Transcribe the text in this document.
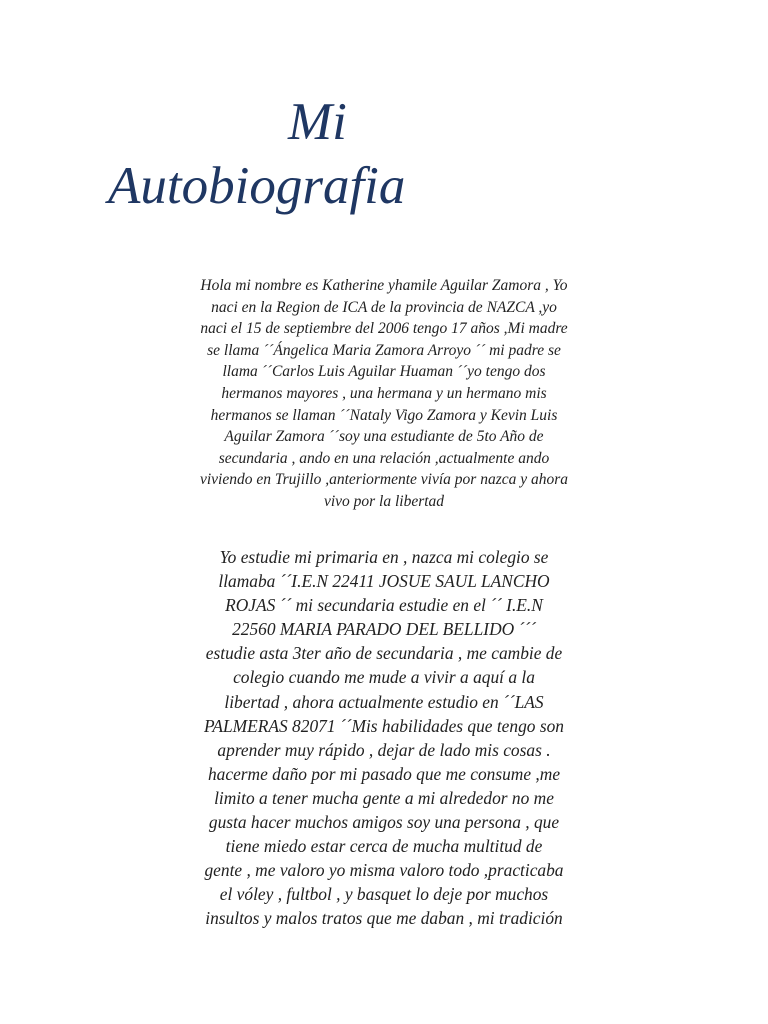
Mi
Autobiografia

Hola mi nombre es Katherine yhamile Aguilar Zamora , Yo
naci en la Region de ICA de la provincia de NAZCA ,yo
naci el 15 de septiembre del 2006 tengo 17 años ,Mi madre
se llama ´´Ángelica Maria Zamora Arroyo ´´ mi padre se
llama ´´Carlos Luis Aguilar Huaman ´´yo tengo dos
hermanos mayores , una hermana y un hermano mis
hermanos se llaman ´´Nataly Vigo Zamora y Kevin Luis
Aguilar Zamora ´´soy una estudiante de 5to Año de
secundaria , ando en una relación ,actualmente ando
viviendo en Trujillo ,anteriormente vivía por nazca y ahora
vivo por la libertad

Yo estudie mi primaria en , nazca mi colegio se
llamaba ´´I.E.N 22411 JOSUE SAUL LANCHO
ROJAS ´´ mi secundaria estudie en el ´´ I.E.N
22560 MARIA PARADO DEL BELLIDO ´´´
estudie asta 3ter año de secundaria , me cambie de
colegio cuando me mude a vivir a aquí a la
libertad , ahora actualmente estudio en ´´LAS
PALMERAS 82071 ´´Mis habilidades que tengo son
aprender muy rápido , dejar de lado mis cosas .
hacerme daño por mi pasado que me consume ,me
limito a tener mucha gente a mi alrededor no me
gusta hacer muchos amigos soy una persona , que
tiene miedo estar cerca de mucha multitud de
gente , me valoro yo misma valoro todo ,practicaba
el vóley , fultbol , y basquet lo deje por muchos
insultos y malos tratos que me daban , mi tradición
